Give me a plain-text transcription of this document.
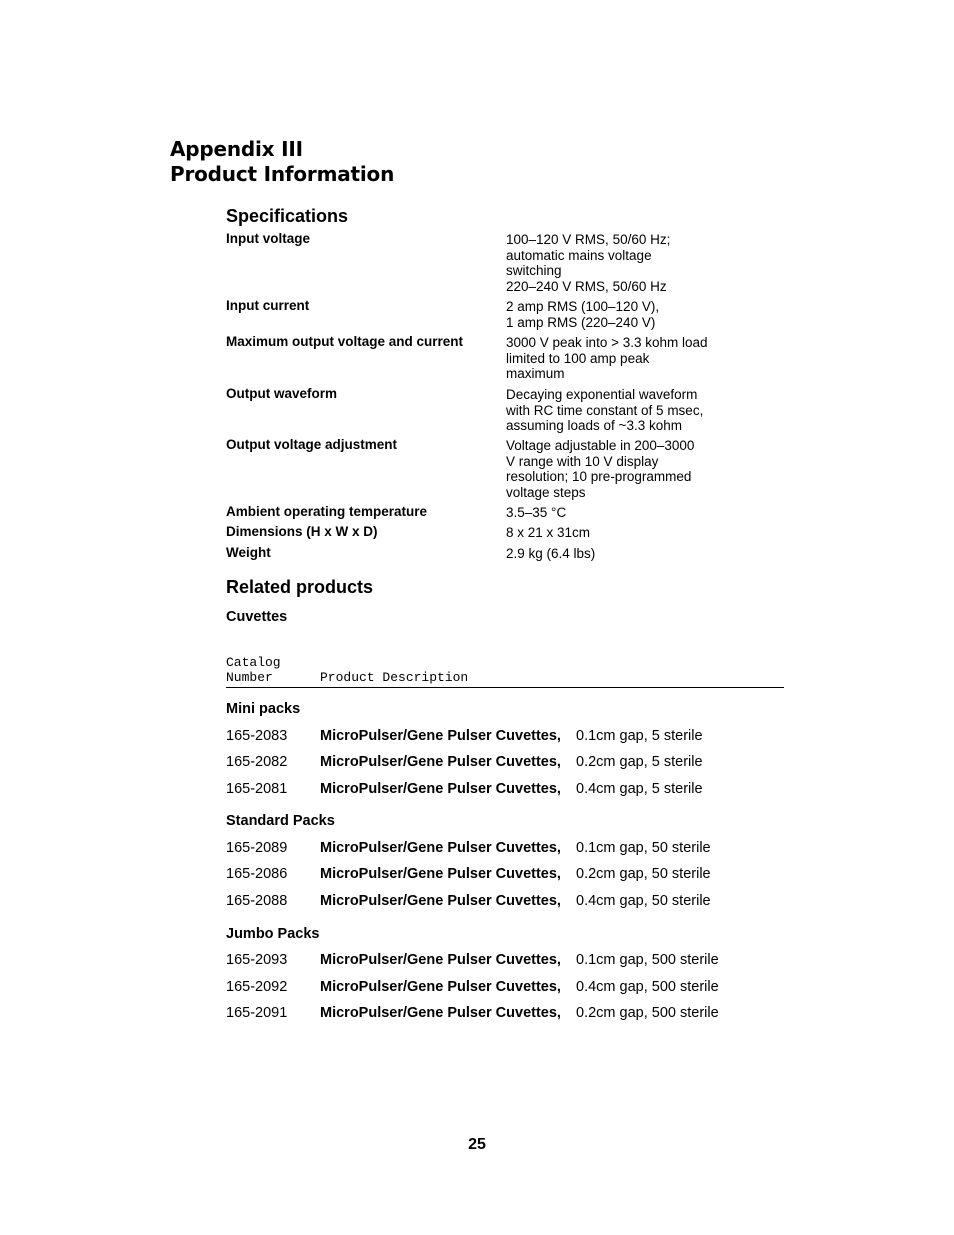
Appendix III
Product Information
Specifications
Input voltage	100–120 V RMS, 50/60 Hz;
automatic mains voltage
switching
220–240 V RMS, 50/60 Hz
Input current	2 amp RMS (100–120 V),
1 amp RMS (220–240 V)
Maximum output voltage and current	3000 V peak into > 3.3 kohm load
limited to 100 amp peak
maximum
Output waveform	Decaying exponential waveform
with RC time constant of 5 msec,
assuming loads of ~3.3 kohm
Output voltage adjustment	Voltage adjustable in 200–3000
V range with 10 V display
resolution; 10 pre-programmed
voltage steps
Ambient operating temperature	3.5–35 °C
Dimensions (H x W x D)	8 x 21 x 31cm
Weight	2.9 kg (6.4 lbs)
Related products
Cuvettes
Catalog
Number	Product Description
Mini packs
165-2083 MicroPulser/Gene Pulser Cuvettes, 0.1cm gap, 5 sterile
165-2082 MicroPulser/Gene Pulser Cuvettes, 0.2cm gap, 5 sterile
165-2081 MicroPulser/Gene Pulser Cuvettes, 0.4cm gap, 5 sterile
Standard Packs
165-2089 MicroPulser/Gene Pulser Cuvettes, 0.1cm gap, 50 sterile
165-2086 MicroPulser/Gene Pulser Cuvettes, 0.2cm gap, 50 sterile
165-2088 MicroPulser/Gene Pulser Cuvettes, 0.4cm gap, 50 sterile
Jumbo Packs
165-2093 MicroPulser/Gene Pulser Cuvettes, 0.1cm gap, 500 sterile
165-2092 MicroPulser/Gene Pulser Cuvettes, 0.4cm gap, 500 sterile
165-2091 MicroPulser/Gene Pulser Cuvettes, 0.2cm gap, 500 sterile
25
